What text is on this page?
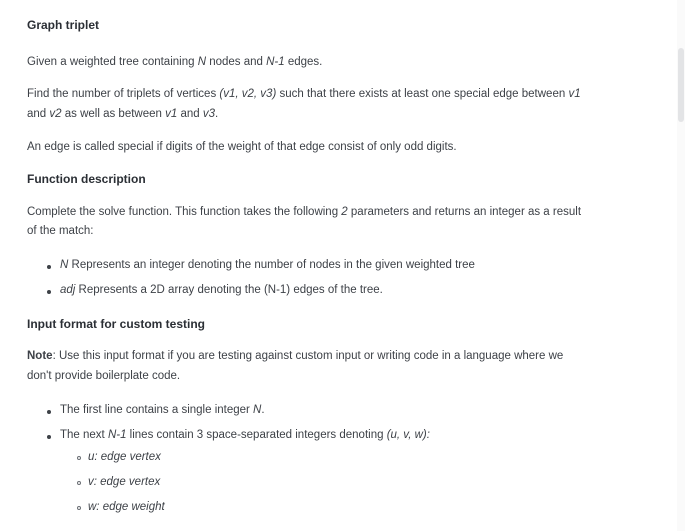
Graph triplet
Given a weighted tree containing N nodes and N-1 edges.
Find the number of triplets of vertices (v1, v2, v3) such that there exists at least one special edge between v1
and v2 as well as between v1 and v3.
An edge is called special if digits of the weight of that edge consist of only odd digits.
Function description
Complete the solve function. This function takes the following 2 parameters and returns an integer as a result
of the match:
N Represents an integer denoting the number of nodes in the given weighted tree
adj Represents a 2D array denoting the (N-1) edges of the tree.
Input format for custom testing
Note: Use this input format if you are testing against custom input or writing code in a language where we
don't provide boilerplate code.
The first line contains a single integer N.
The next N-1 lines contain 3 space-separated integers denoting (u, v, w):
u: edge vertex
v: edge vertex
w: edge weight
